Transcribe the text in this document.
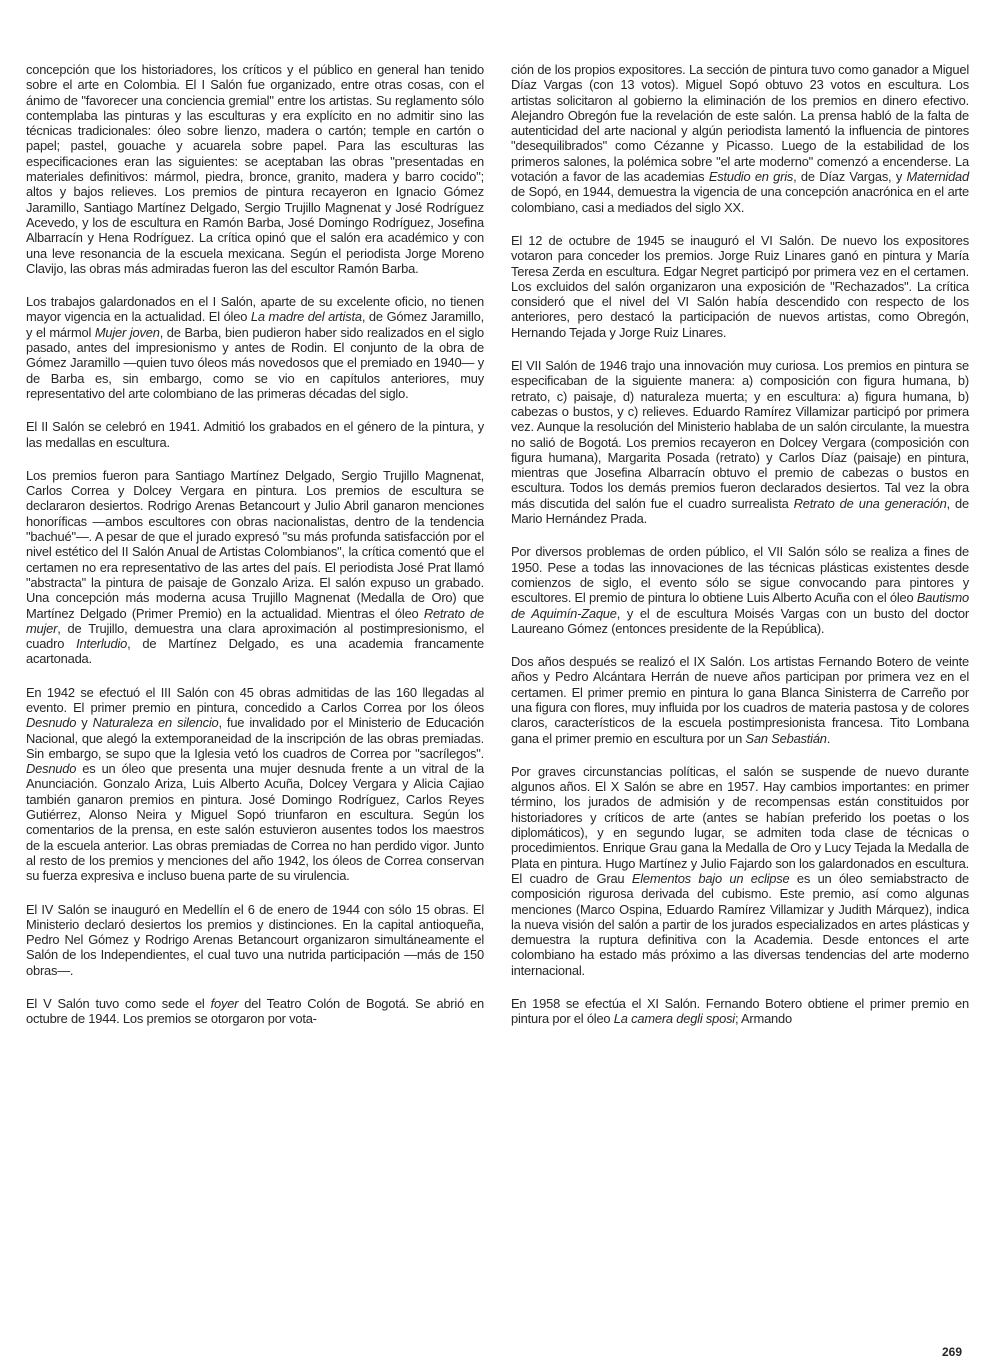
concepción que los historiadores, los críticos y el público en general han tenido sobre el arte en Colombia. El I Salón fue organizado, entre otras cosas, con el ánimo de "favorecer una conciencia gremial" entre los artistas. Su reglamento sólo contemplaba las pinturas y las esculturas y era explícito en no admitir sino las técnicas tradicionales: óleo sobre lienzo, madera o cartón; temple en cartón o papel; pastel, gouache y acuarela sobre papel. Para las esculturas las especificaciones eran las siguientes: se aceptaban las obras "presentadas en materiales definitivos: mármol, piedra, bronce, granito, madera y barro cocido"; altos y bajos relieves. Los premios de pintura recayeron en Ignacio Gómez Jaramillo, Santiago Martínez Delgado, Sergio Trujillo Magnenat y José Rodríguez Acevedo, y los de escultura en Ramón Barba, José Domingo Rodríguez, Josefina Albarracín y Hena Rodríguez. La crítica opinó que el salón era académico y con una leve resonancia de la escuela mexicana. Según el periodista Jorge Moreno Clavijo, las obras más admiradas fueron las del escultor Ramón Barba.

Los trabajos galardonados en el I Salón, aparte de su excelente oficio, no tienen mayor vigencia en la actualidad. El óleo La madre del artista, de Gómez Jaramillo, y el mármol Mujer joven, de Barba, bien pudieron haber sido realizados en el siglo pasado, antes del impresionismo y antes de Rodin. El conjunto de la obra de Gómez Jaramillo —quien tuvo óleos más novedosos que el premiado en 1940— y de Barba es, sin embargo, como se vio en capítulos anteriores, muy representativo del arte colombiano de las primeras décadas del siglo.

El II Salón se celebró en 1941. Admitió los grabados en el género de la pintura, y las medallas en escultura.

Los premios fueron para Santiago Martínez Delgado, Sergio Trujillo Magnenat, Carlos Correa y Dolcey Vergara en pintura. Los premios de escultura se declararon desiertos. Rodrigo Arenas Betancourt y Julio Abril ganaron menciones honoríficas —ambos escultores con obras nacionalistas, dentro de la tendencia "bachué"—. A pesar de que el jurado expresó "su más profunda satisfacción por el nivel estético del II Salón Anual de Artistas Colombianos", la crítica comentó que el certamen no era representativo de las artes del país. El periodista José Prat llamó "abstracta" la pintura de paisaje de Gonzalo Ariza. El salón expuso un grabado. Una concepción más moderna acusa Trujillo Magnenat (Medalla de Oro) que Martínez Delgado (Primer Premio) en la actualidad. Mientras el óleo Retrato de mujer, de Trujillo, demuestra una clara aproximación al postimpresionismo, el cuadro Interludio, de Martínez Delgado, es una academia francamente acartonada.

En 1942 se efectuó el III Salón con 45 obras admitidas de las 160 llegadas al evento. El primer premio en pintura, concedido a Carlos Correa por los óleos Desnudo y Naturaleza en silencio, fue invalidado por el Ministerio de Educación Nacional, que alegó la extemporaneidad de la inscripción de las obras premiadas. Sin embargo, se supo que la Iglesia vetó los cuadros de Correa por "sacrílegos". Desnudo es un óleo que presenta una mujer desnuda frente a un vitral de la Anunciación. Gonzalo Ariza, Luis Alberto Acuña, Dolcey Vergara y Alicia Cajiao también ganaron premios en pintura. José Domingo Rodríguez, Carlos Reyes Gutiérrez, Alonso Neira y Miguel Sopó triunfaron en escultura. Según los comentarios de la prensa, en este salón estuvieron ausentes todos los maestros de la escuela anterior. Las obras premiadas de Correa no han perdido vigor. Junto al resto de los premios y menciones del año 1942, los óleos de Correa conservan su fuerza expresiva e incluso buena parte de su virulencia.

El IV Salón se inauguró en Medellín el 6 de enero de 1944 con sólo 15 obras. El Ministerio declaró desiertos los premios y distinciones. En la capital antioqueña, Pedro Nel Gómez y Rodrigo Arenas Betancourt organizaron simultáneamente el Salón de los Independientes, el cual tuvo una nutrida participación —más de 150 obras—.

El V Salón tuvo como sede el foyer del Teatro Colón de Bogotá. Se abrió en octubre de 1944. Los premios se otorgaron por vota-

ción de los propios expositores. La sección de pintura tuvo como ganador a Miguel Díaz Vargas (con 13 votos). Miguel Sopó obtuvo 23 votos en escultura. Los artistas solicitaron al gobierno la eliminación de los premios en dinero efectivo. Alejandro Obregón fue la revelación de este salón. La prensa habló de la falta de autenticidad del arte nacional y algún periodista lamentó la influencia de pintores "desequilibrados" como Cézanne y Picasso. Luego de la estabilidad de los primeros salones, la polémica sobre "el arte moderno" comenzó a encenderse. La votación a favor de las academias Estudio en gris, de Díaz Vargas, y Maternidad de Sopó, en 1944, demuestra la vigencia de una concepción anacrónica en el arte colombiano, casi a mediados del siglo XX.

El 12 de octubre de 1945 se inauguró el VI Salón. De nuevo los expositores votaron para conceder los premios. Jorge Ruiz Linares ganó en pintura y María Teresa Zerda en escultura. Edgar Negret participó por primera vez en el certamen. Los excluidos del salón organizaron una exposición de "Rechazados". La crítica consideró que el nivel del VI Salón había descendido con respecto de los anteriores, pero destacó la participación de nuevos artistas, como Obregón, Hernando Tejada y Jorge Ruiz Linares.

El VII Salón de 1946 trajo una innovación muy curiosa. Los premios en pintura se especificaban de la siguiente manera: a) composición con figura humana, b) retrato, c) paisaje, d) naturaleza muerta; y en escultura: a) figura humana, b) cabezas o bustos, y c) relieves. Eduardo Ramírez Villamizar participó por primera vez. Aunque la resolución del Ministerio hablaba de un salón circulante, la muestra no salió de Bogotá. Los premios recayeron en Dolcey Vergara (composición con figura humana), Margarita Posada (retrato) y Carlos Díaz (paisaje) en pintura, mientras que Josefina Albarracín obtuvo el premio de cabezas o bustos en escultura. Todos los demás premios fueron declarados desiertos. Tal vez la obra más discutida del salón fue el cuadro surrealista Retrato de una generación, de Mario Hernández Prada.

Por diversos problemas de orden público, el VII Salón sólo se realiza a fines de 1950. Pese a todas las innovaciones de las técnicas plásticas existentes desde comienzos de siglo, el evento sólo se sigue convocando para pintores y escultores. El premio de pintura lo obtiene Luis Alberto Acuña con el óleo Bautismo de Aquimín-Zaque, y el de escultura Moisés Vargas con un busto del doctor Laureano Gómez (entonces presidente de la República).

Dos años después se realizó el IX Salón. Los artistas Fernando Botero de veinte años y Pedro Alcántara Herrán de nueve años participan por primera vez en el certamen. El primer premio en pintura lo gana Blanca Sinisterra de Carreño por una figura con flores, muy influida por los cuadros de materia pastosa y de colores claros, característicos de la escuela postimpresionista francesa. Tito Lombana gana el primer premio en escultura por un San Sebastián.

Por graves circunstancias políticas, el salón se suspende de nuevo durante algunos años. El X Salón se abre en 1957. Hay cambios importantes: en primer término, los jurados de admisión y de recompensas están constituidos por historiadores y críticos de arte (antes se habían preferido los poetas o los diplomáticos), y en segundo lugar, se admiten toda clase de técnicas o procedimientos. Enrique Grau gana la Medalla de Oro y Lucy Tejada la Medalla de Plata en pintura. Hugo Martínez y Julio Fajardo son los galardonados en escultura. El cuadro de Grau Elementos bajo un eclipse es un óleo semiabstracto de composición rigurosa derivada del cubismo. Este premio, así como algunas menciones (Marco Ospina, Eduardo Ramírez Villamizar y Judith Márquez), indica la nueva visión del salón a partir de los jurados especializados en artes plásticas y demuestra la ruptura definitiva con la Academia. Desde entonces el arte colombiano ha estado más próximo a las diversas tendencias del arte moderno internacional.

En 1958 se efectúa el XI Salón. Fernando Botero obtiene el primer premio en pintura por el óleo La camera degli sposi; Armando

269
